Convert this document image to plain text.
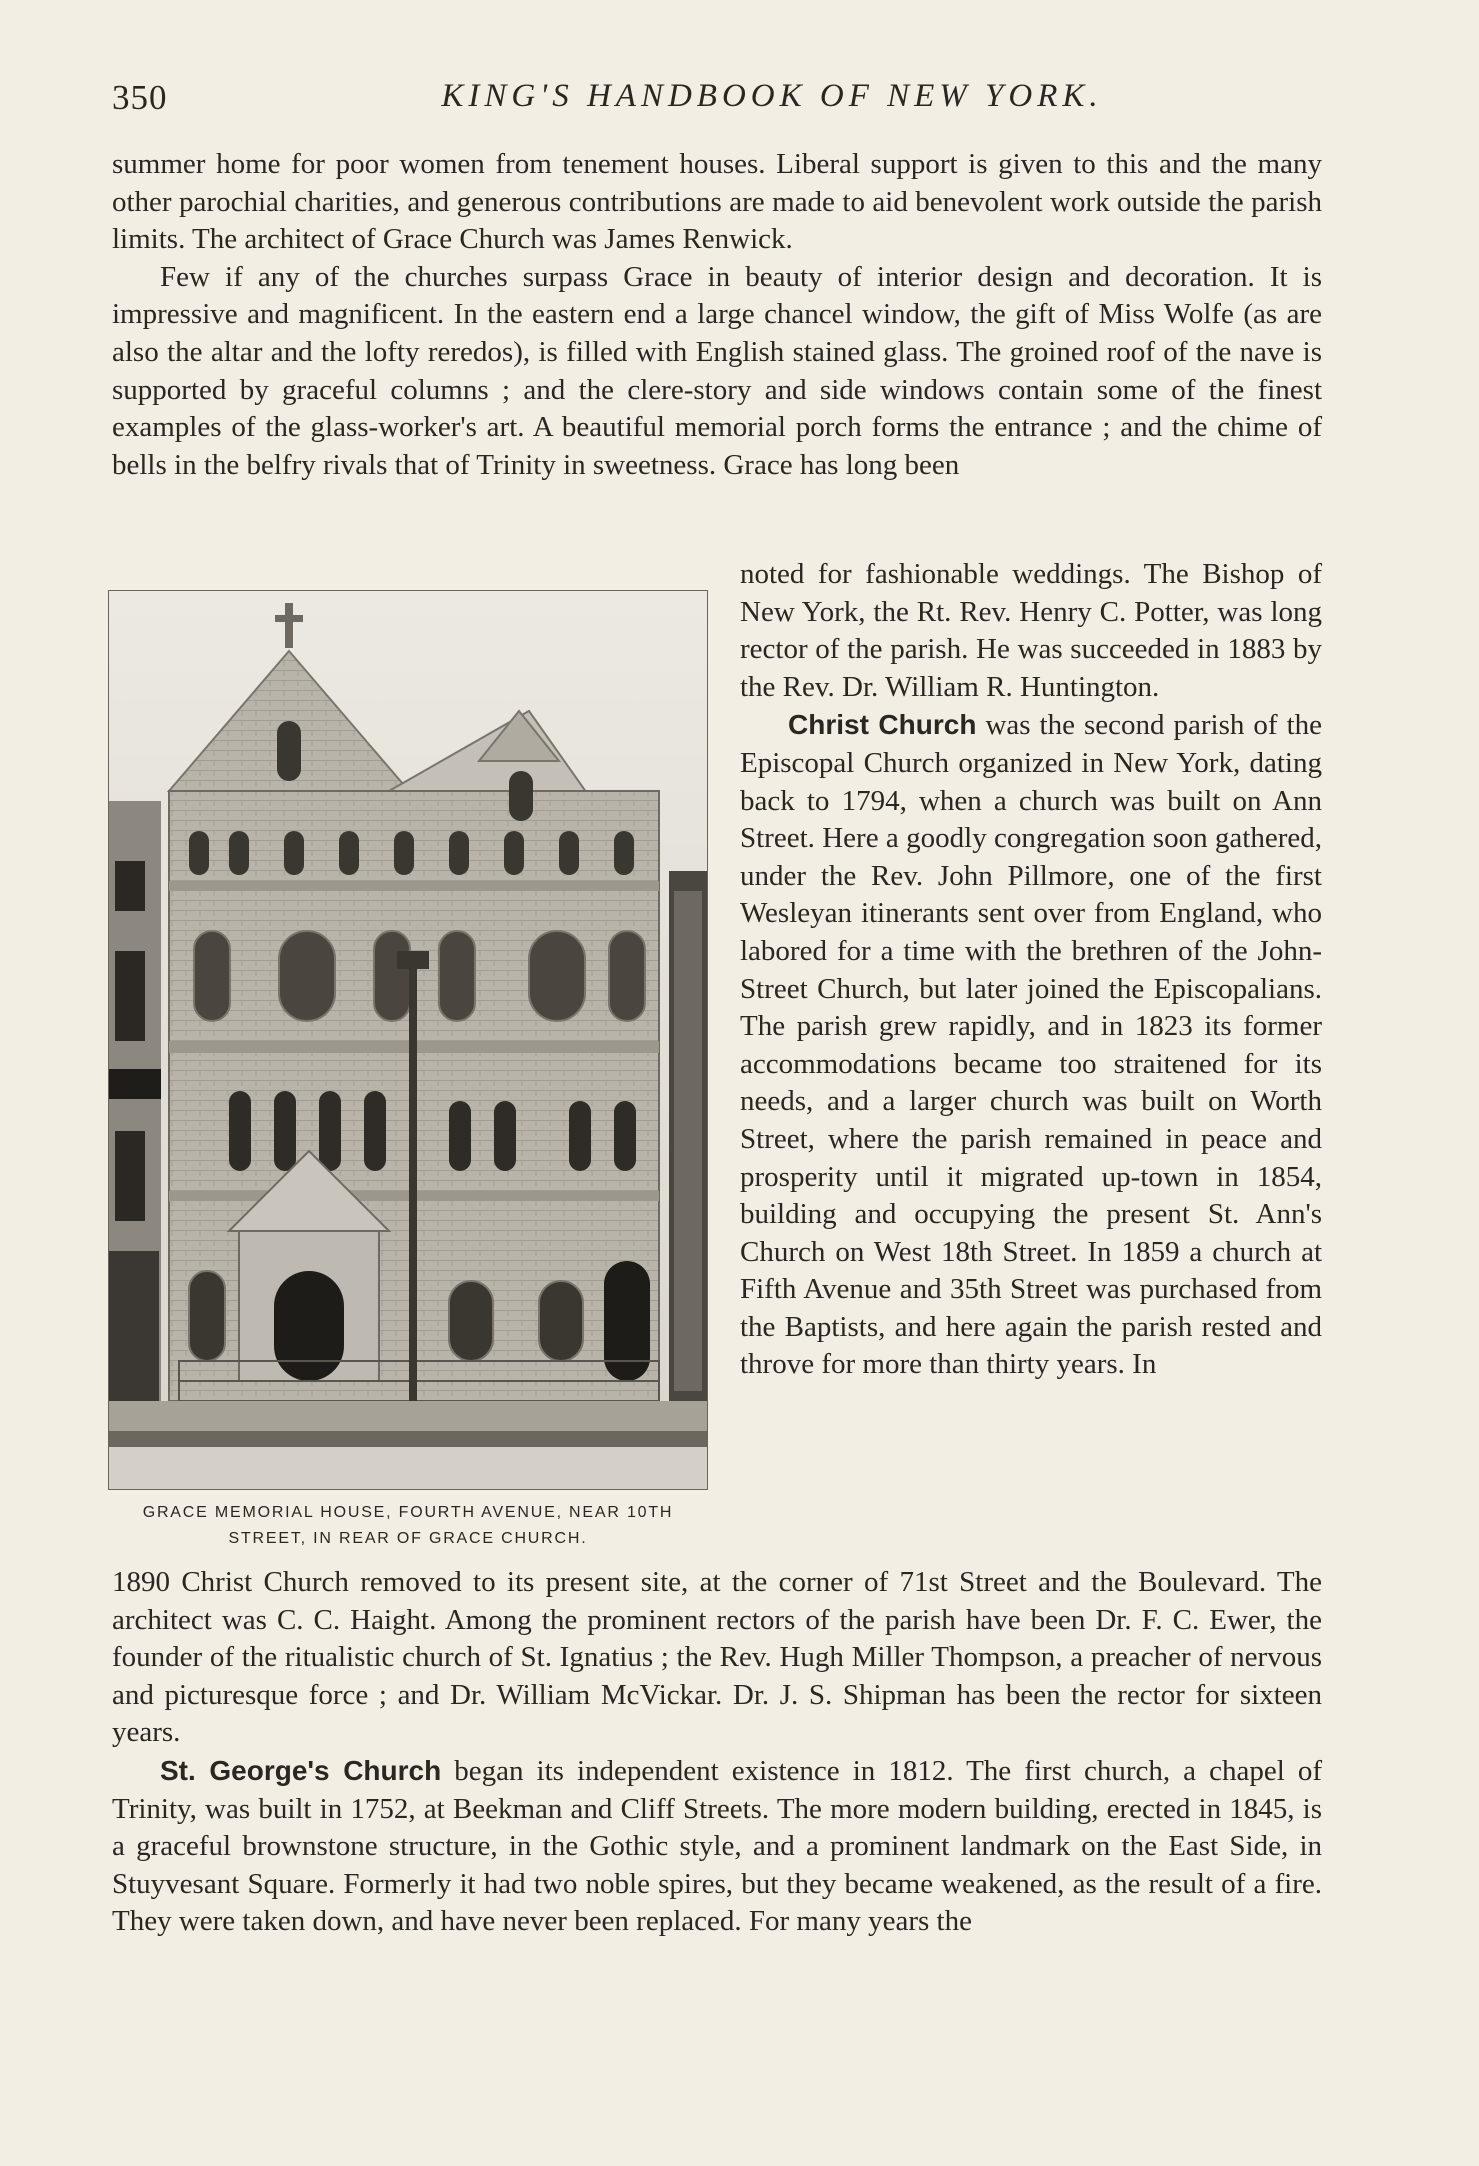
350	KING'S HANDBOOK OF NEW YORK.

summer home for poor women from tenement houses. Liberal support is given to this and the many other parochial charities, and generous contributions are made to aid benevolent work outside the parish limits. The architect of Grace Church was James Renwick.

Few if any of the churches surpass Grace in beauty of interior design and decoration. It is impressive and magnificent. In the eastern end a large chancel window, the gift of Miss Wolfe (as are also the altar and the lofty reredos), is filled with English stained glass. The groined roof of the nave is supported by graceful columns ; and the clere-story and side windows contain some of the finest examples of the glass-worker's art. A beautiful memorial porch forms the entrance ; and the chime of bells in the belfry rivals that of Trinity in sweetness. Grace has long been

GRACE MEMORIAL HOUSE, FOURTH AVENUE, NEAR 10TH
STREET, IN REAR OF GRACE CHURCH.

noted for fashionable weddings. The Bishop of New York, the Rt. Rev. Henry C. Potter, was long rector of the parish. He was succeeded in 1883 by the Rev. Dr. William R. Huntington.

Christ Church was the second parish of the Episcopal Church organized in New York, dating back to 1794, when a church was built on Ann Street. Here a goodly congregation soon gathered, under the Rev. John Pillmore, one of the first Wesleyan itinerants sent over from England, who labored for a time with the brethren of the John-Street Church, but later joined the Episcopalians. The parish grew rapidly, and in 1823 its former accommodations became too straitened for its needs, and a larger church was built on Worth Street, where the parish remained in peace and prosperity until it migrated up-town in 1854, building and occupying the present St. Ann's Church on West 18th Street. In 1859 a church at Fifth Avenue and 35th Street was purchased from the Baptists, and here again the parish rested and throve for more than thirty years. In

1890 Christ Church removed to its present site, at the corner of 71st Street and the Boulevard. The architect was C. C. Haight. Among the prominent rectors of the parish have been Dr. F. C. Ewer, the founder of the ritualistic church of St. Ignatius ; the Rev. Hugh Miller Thompson, a preacher of nervous and picturesque force ; and Dr. William McVickar. Dr. J. S. Shipman has been the rector for sixteen years.

St. George's Church began its independent existence in 1812. The first church, a chapel of Trinity, was built in 1752, at Beekman and Cliff Streets. The more modern building, erected in 1845, is a graceful brownstone structure, in the Gothic style, and a prominent landmark on the East Side, in Stuyvesant Square. Formerly it had two noble spires, but they became weakened, as the result of a fire. They were taken down, and have never been replaced. For many years the
